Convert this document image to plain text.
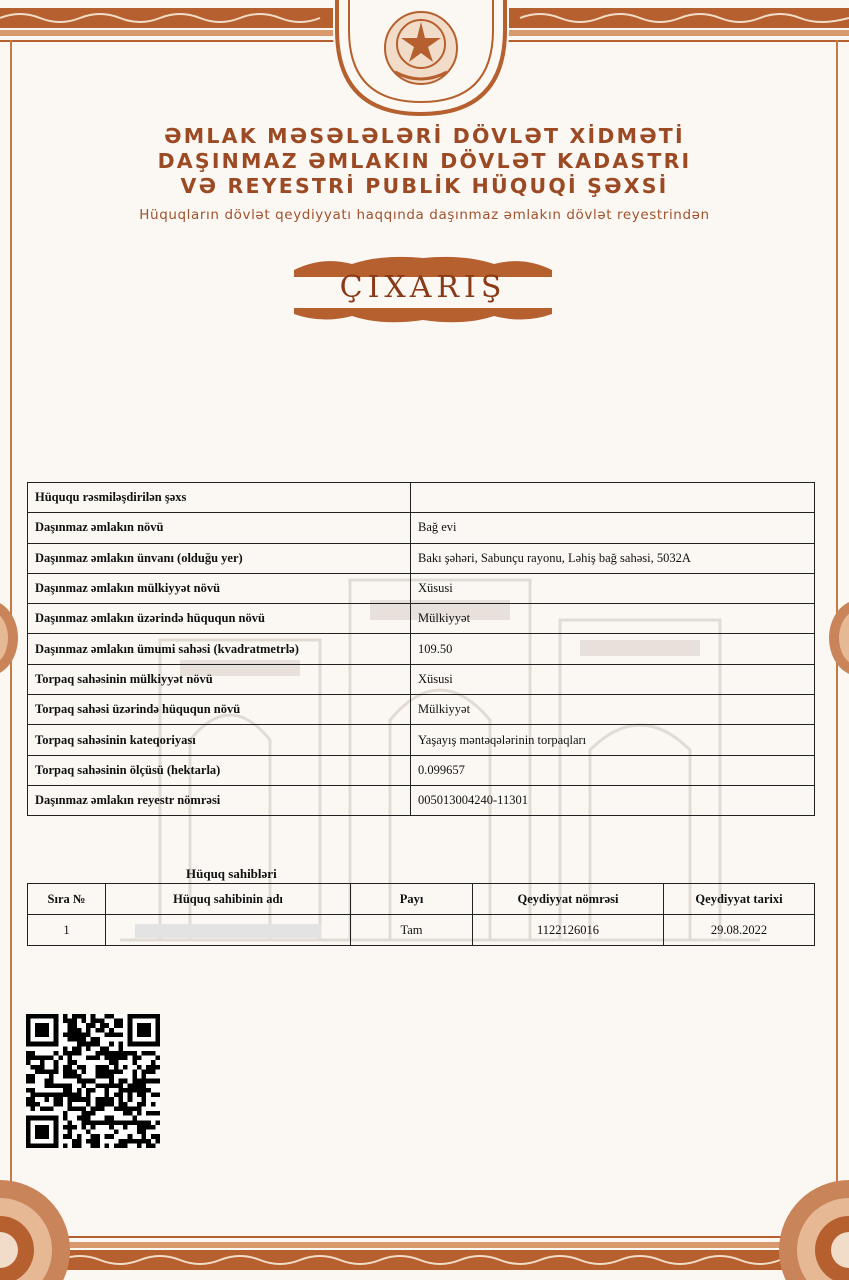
ƏMLAK MƏSƏLƏLƏRİ DÖVLƏT XİDMƏTİ
DAŞINMAZ ƏMLAKIN DÖVLƏT KADASTRI
VƏ REYESTRİ PUBLİK HÜQUQİ ŞƏXSİ
Hüquqların dövlət qeydiyyatı haqqında daşınmaz əmlakın dövlət reyestrindən
ÇIXARIŞ
Hüququ rəsmiləşdirilən şəxs	
Daşınmaz əmlakın növü	Bağ evi
Daşınmaz əmlakın ünvanı (olduğu yer)	Bakı şəhəri, Sabunçu rayonu, Ləhiş bağ sahəsi, 5032A
Daşınmaz əmlakın mülkiyyət növü	Xüsusi
Daşınmaz əmlakın üzərində hüququn növü	Mülkiyyət
Daşınmaz əmlakın ümumi sahəsi (kvadratmetrlə)	109.50
Torpaq sahəsinin mülkiyyət növü	Xüsusi
Torpaq sahəsi üzərində hüququn növü	Mülkiyyət
Torpaq sahəsinin kateqoriyası	Yaşayış məntəqələrinin torpaqları
Torpaq sahəsinin ölçüsü (hektarla)	0.099657
Daşınmaz əmlakın reyestr nömrəsi	005013004240-11301
Hüquq sahibləri
Sıra №	Hüquq sahibinin adı	Payı	Qeydiyyat nömrəsi	Qeydiyyat tarixi
1		Tam	1122126016	29.08.2022
